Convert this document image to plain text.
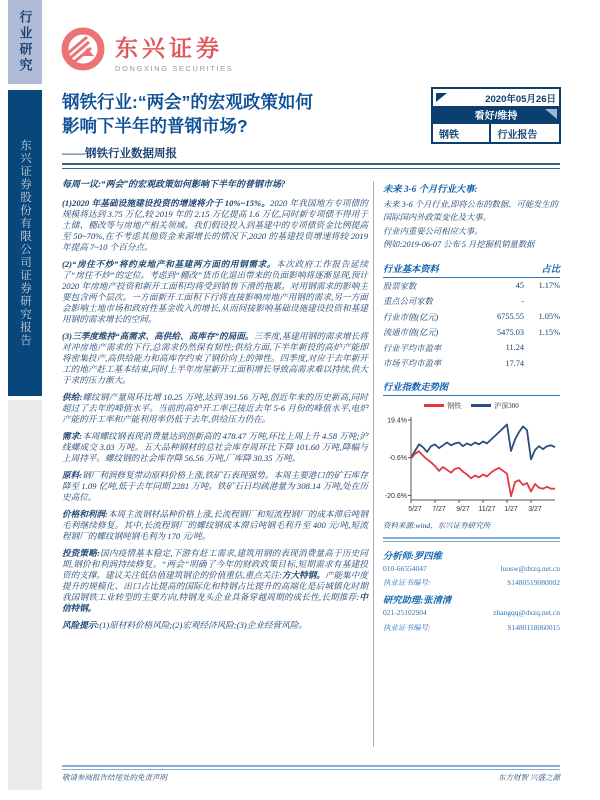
行业研究
东兴证券股份有限公司证券研究报告
东兴证券
DONGXING SECURITIES
钢铁行业:“两会”的宏观政策如何
影响下半年的普钢市场?
——钢铁行业数据周报
2020年05月26日
看好/维持
钢铁	行业报告
每周一议:“两会”的宏观政策如何影响下半年的普钢市场?
(1)2020 年基础设施建设投资的增速将介于 10%~15%。2020 年我国地方专项债的规模将达到 3.75 万亿,较 2019 年的 2.15 万亿提高 1.6 万亿,同时新专项债不得用于土储、棚改等与房地产相关领域。我们假设投入到基建中的专项债资金比例提高至 50~70%,在不考虑其他资金来源增长的情况下,2020 的基建投资增速将较 2019 年提高 7~10 个百分点。
(2)“房住不炒”将约束地产和基建两方面的用钢需求。本次政府工作报告延续了“房住不炒”的定位。考虑到“棚改”货币化退出带来的负面影响将逐渐显现,预计 2020 年房地产投资和新开工面积均将受到销售下滑的拖累。对用钢需求的影响主要包含两个层次。一方面新开工面积下行将直接影响房地产用钢的需求,另一方面会影响土地市场和政府性基金收入的增长,从而间接影响基础设施建设投资和基建用钢的需求增长的空间。
(3)三季度维持“高需求、高供给、高库存”的局面。三季度,基建用钢的需求增长将对冲房地产需求的下行,总需求仍然保有韧性;供给方面,下半年新投的高炉产能即将密集投产,高供给能力和高库存约束了钢价向上的弹性。四季度,对应于去年新开工的地产赶工基本结束,同时上半年房屋新开工面积增长导致高需求难以持续,供大于求的压力渐大。
供给:螺纹钢产量周环比增 10.25 万吨,达到 391.56 万吨,创近年来的历史新高,同时超过了去年的峰值水平。当前的高炉开工率已接近去年 5-6 月份的峰值水平,电炉产能的开工率和产能利用率仍低于去年,供给压力仍在。
需求:本周螺纹钢表现消费量达到创新高的 478.47 万吨,环比上周上升 4.58 万吨;沪线螺成交 3.03 万吨。五大品种钢材的总社会库存周环比下降 101.60 万吨,降幅与上周持平。螺纹钢的社会库存降 56.56 万吨,厂库降 30.35 万吨。
原料:钢厂利润修复带动原料价格上涨,铁矿石表现强势。本周主要港口的矿石库存降至 1.09 亿吨,低于去年同期 2281 万吨。铁矿石日均疏港量为 308.14 万吨,处在历史高位。
价格和利润:本周主流钢材品种价格上涨,长流程钢厂和短流程钢厂的成本滞后吨钢毛利继续修复。其中,长流程钢厂的螺纹钢成本滞后吨钢毛利升至 400 元/吨,短流程钢厂的螺纹钢吨钢毛利为 170 元/吨。
投资策略:国内疫情基本稳定,下游有赶工需求,建筑用钢的表现消费量高于历史同期,钢价和利润持续修复。“两会”明确了今年的财政政策目标,短期需求有基建投资的支撑。建议关注低估值建筑钢企的价值重估,重点关注:方大特钢。产能集中度提升的规模化、出口占比提高的国际化和特钢占比提升的高端化是后城镇化时期我国钢铁工业转型的主要方向,特钢龙头企业具备穿越周期的成长性,长期推荐:中信特钢。
风险提示:(1)原材料价格风险;(2)宏观经济风险;(3)企业经营风险。
未来 3-6 个月行业大事:
未来 3-6 个月行业,即将公布的数据、可能发生的国际国内外政策变化及大事。
行业内重要公司相应大事。
例如:2019-06-07 公布 5 月挖掘机销量数据
行业基本资料	占比
股票家数	45	1.17%
重点公司家数	-
行业市值(亿元)	6755.55	1.05%
流通市值(亿元)	5475.03	1.15%
行业平均市盈率	11.24
市场平均市盈率	17.74
行业指数走势图
钢铁	沪深300
19.4%
-0.6%
-20.6%
5/27 7/27 9/27 11/27 1/27 3/27
资料来源:wind、东兴证券研究所
分析师:罗四维
010-66554047	luosw@dxzq.net.cn
执业证书编号:	S1480519080002
研究助理:张清清
021-25102904	zhangqq@dxzq.net.cn
执业证书编号:	S1480118060015
敬请参阅报告结尾处的免责声明	东方财智 兴盛之源
